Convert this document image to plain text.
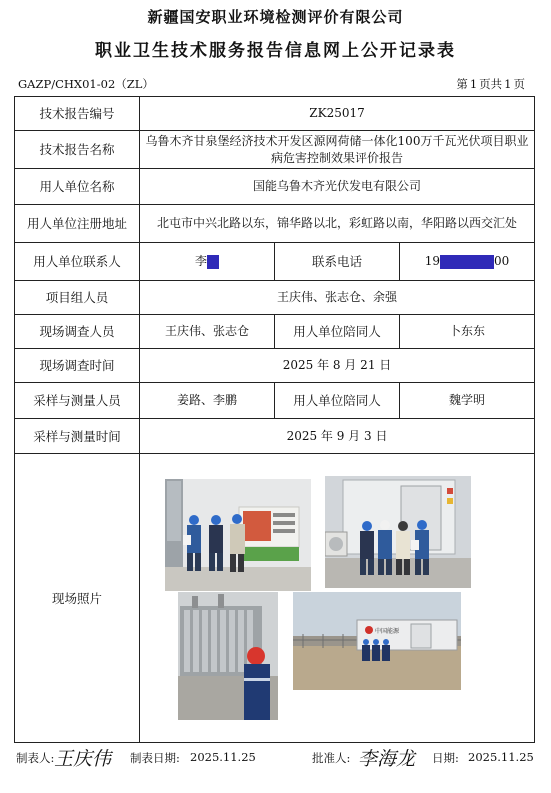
新疆国安职业环境检测评价有限公司
职业卫生技术服务报告信息网上公开记录表
GAZP/CHX01-02（ZL）	第 1 页共 1 页
技术报告编号	ZK25017		
技术报告名称	乌鲁木齐甘泉堡经济技术开发区源网荷储一体化100万千瓦光伏项目职业病危害控制效果评价报告		
用人单位名称	国能乌鲁木齐光伏发电有限公司		
用人单位注册地址	北屯市中兴北路以东，锦华路以北，彩虹路以南，华阳路以西交汇处		
用人单位联系人	李	联系电话	19 00
项目组人员	王庆伟、张志仓、余强		
现场调查人员	王庆伟、张志仓	用人单位陪同人	卜东东
现场调查时间	2025 年 8 月 21 日		
采样与测量人员	姜路、李鹏	用人单位陪同人	魏学明
采样与测量时间	2025 年 9 月 3 日		
现场照片	中国能源		
制表人: 王庆伟 制表日期: 2025.11.25	批准人: 李海龙 日期: 2025.11.25
